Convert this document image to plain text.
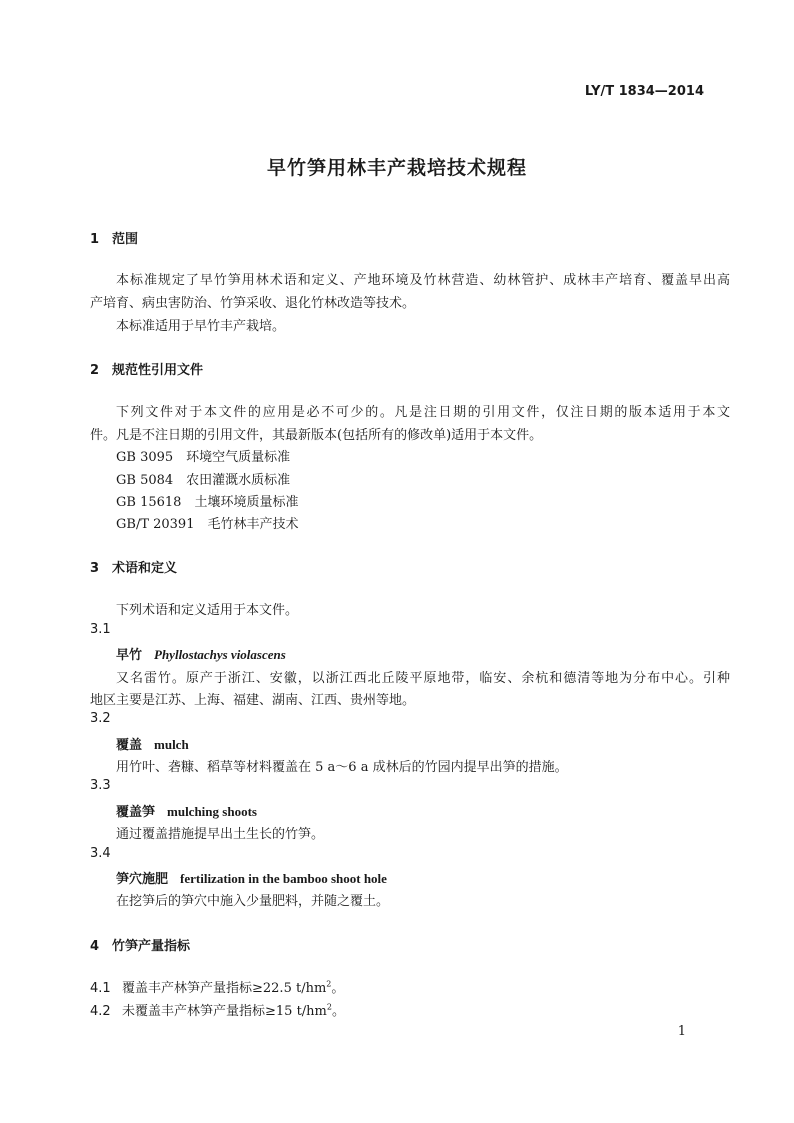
LY/T 1834—2014
早竹笋用林丰产栽培技术规程
1 范围
本标准规定了早竹笋用林术语和定义、产地环境及竹林营造、幼林管护、成林丰产培育、覆盖早出高
产培育、病虫害防治、竹笋采收、退化竹林改造等技术。
本标准适用于早竹丰产栽培。
2 规范性引用文件
下列文件对于本文件的应用是必不可少的。凡是注日期的引用文件，仅注日期的版本适用于本文
件。凡是不注日期的引用文件，其最新版本(包括所有的修改单)适用于本文件。
GB 3095　 环境空气质量标准
GB 5084　 农田灌溉水质标准
GB 15618　 土壤环境质量标准
GB/T 20391　 毛竹林丰产技术
3 术语和定义
下列术语和定义适用于本文件。
3.1
早竹 Phyllostachys violascens
又名雷竹。原产于浙江、安徽，以浙江西北丘陵平原地带，临安、余杭和德清等地为分布中心。引种
地区主要是江苏、上海、福建、湖南、江西、贵州等地。
3.2
覆盖 mulch
用竹叶、砻糠、稻草等材料覆盖在 5 a～6 a 成林后的竹园内提早出笋的措施。
3.3
覆盖笋 mulching shoots
通过覆盖措施提早出土生长的竹笋。
3.4
笋穴施肥 fertilization in the bamboo shoot hole
在挖笋后的笋穴中施入少量肥料，并随之覆土。
4 竹笋产量指标
4.1 覆盖丰产林笋产量指标≥22.5 $t/hm^2$。
4.2 未覆盖丰产林笋产量指标≥15 $t/hm^2$。
1
